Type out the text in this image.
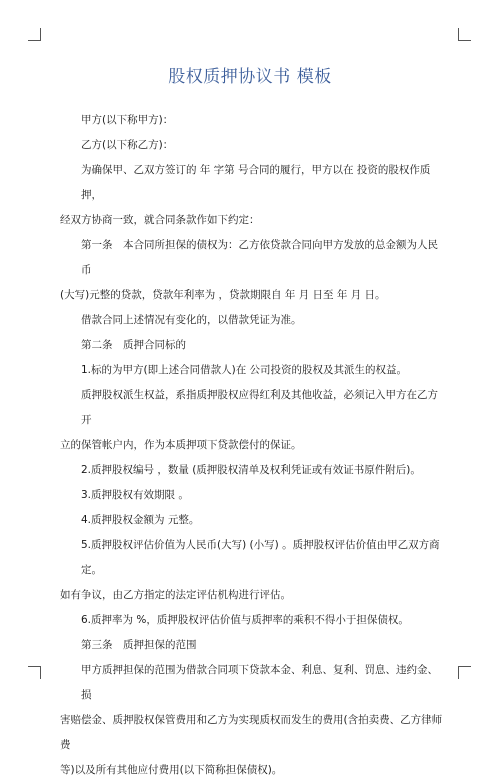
股权质押协议书 模板

甲方(以下称甲方)：

乙方(以下称乙方)：

为确保甲、乙双方签订的 年 字第 号合同的履行，甲方以在 投资的股权作质押，

经双方协商一致，就合同条款作如下约定：

第一条　本合同所担保的债权为：乙方依贷款合同向甲方发放的总金额为人民币

(大写)元整的贷款，贷款年利率为 ，贷款期限自 年 月 日至 年 月 日。

借款合同上述情况有变化的，以借款凭证为准。

第二条　质押合同标的

1.标的为甲方(即上述合同借款人)在 公司投资的股权及其派生的权益。

质押股权派生权益，系指质押股权应得红利及其他收益，必须记入甲方在乙方开

立的保管帐户内，作为本质押项下贷款偿付的保证。

2.质押股权编号 ，数量 (质押股权清单及权利凭证或有效证书原件附后)。

3.质押股权有效期限 。

4.质押股权金额为 元整。

5.质押股权评估价值为人民币(大写) (小写) 。质押股权评估价值由甲乙双方商定。

如有争议，由乙方指定的法定评估机构进行评估。

6.质押率为 %，质押股权评估价值与质押率的乘积不得小于担保债权。

第三条　质押担保的范围

甲方质押担保的范围为借款合同项下贷款本金、利息、复利、罚息、违约金、损

害赔偿金、质押股权保管费用和乙方为实现质权而发生的费用(含拍卖费、乙方律师费

等)以及所有其他应付费用(以下简称担保债权)。
